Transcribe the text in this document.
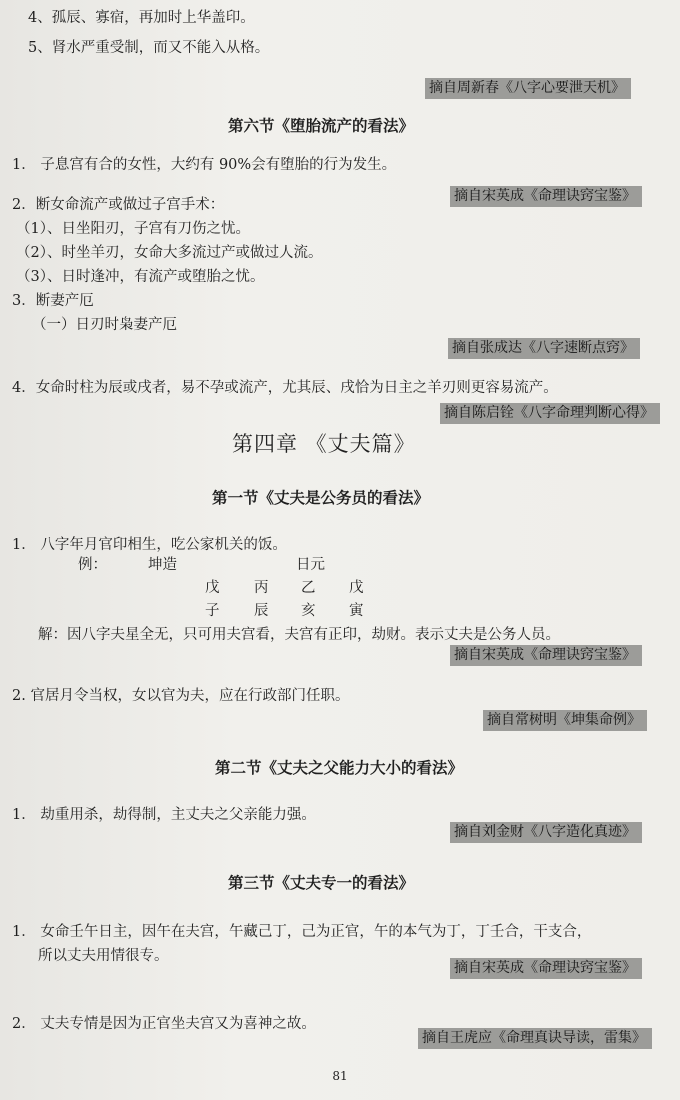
4、孤辰、寡宿，再加时上华盖印。
5、肾水严重受制，而又不能入从格。
摘自周新春《八字心要泄天机》
第六节《堕胎流产的看法》
1． 子息宫有合的女性，大约有 90%会有堕胎的行为发生。
摘自宋英成《命理诀窍宝鉴》
2．断女命流产或做过子宫手术：
（1）、日坐阳刃，子宫有刀伤之忧。
（2）、时坐羊刃，女命大多流过产或做过人流。
（3）、日时逢冲，有流产或堕胎之忧。
3．断妻产厄
（一）日刃时枭妻产厄
摘自张成达《八字速断点窍》
4．女命时柱为辰或戌者，易不孕或流产，尤其辰、戌恰为日主之羊刃则更容易流产。
摘自陈启铨《八字命理判断心得》
第四章 《丈夫篇》
第一节《丈夫是公务员的看法》
1． 八字年月官印相生，吃公家机关的饭。
例：	坤造	日元
戊 丙 乙 戊
子 辰 亥 寅
解：因八字夫星全无，只可用夫宫看，夫宫有正印，劫财。表示丈夫是公务人员。
摘自宋英成《命理诀窍宝鉴》
2. 官居月令当权，女以官为夫，应在行政部门任职。
摘自常树明《坤集命例》
第二节《丈夫之父能力大小的看法》
1． 劫重用杀，劫得制，主丈夫之父亲能力强。
摘自刘金财《八字造化真迹》
第三节《丈夫专一的看法》
1． 女命壬午日主，因午在夫宫，午藏己丁，己为正官，午的本气为丁，丁壬合，干支合，
所以丈夫用情很专。
摘自宋英成《命理诀窍宝鉴》
2． 丈夫专情是因为正官坐夫宫又为喜神之故。
摘自王虎应《命理真诀导读，雷集》
81
